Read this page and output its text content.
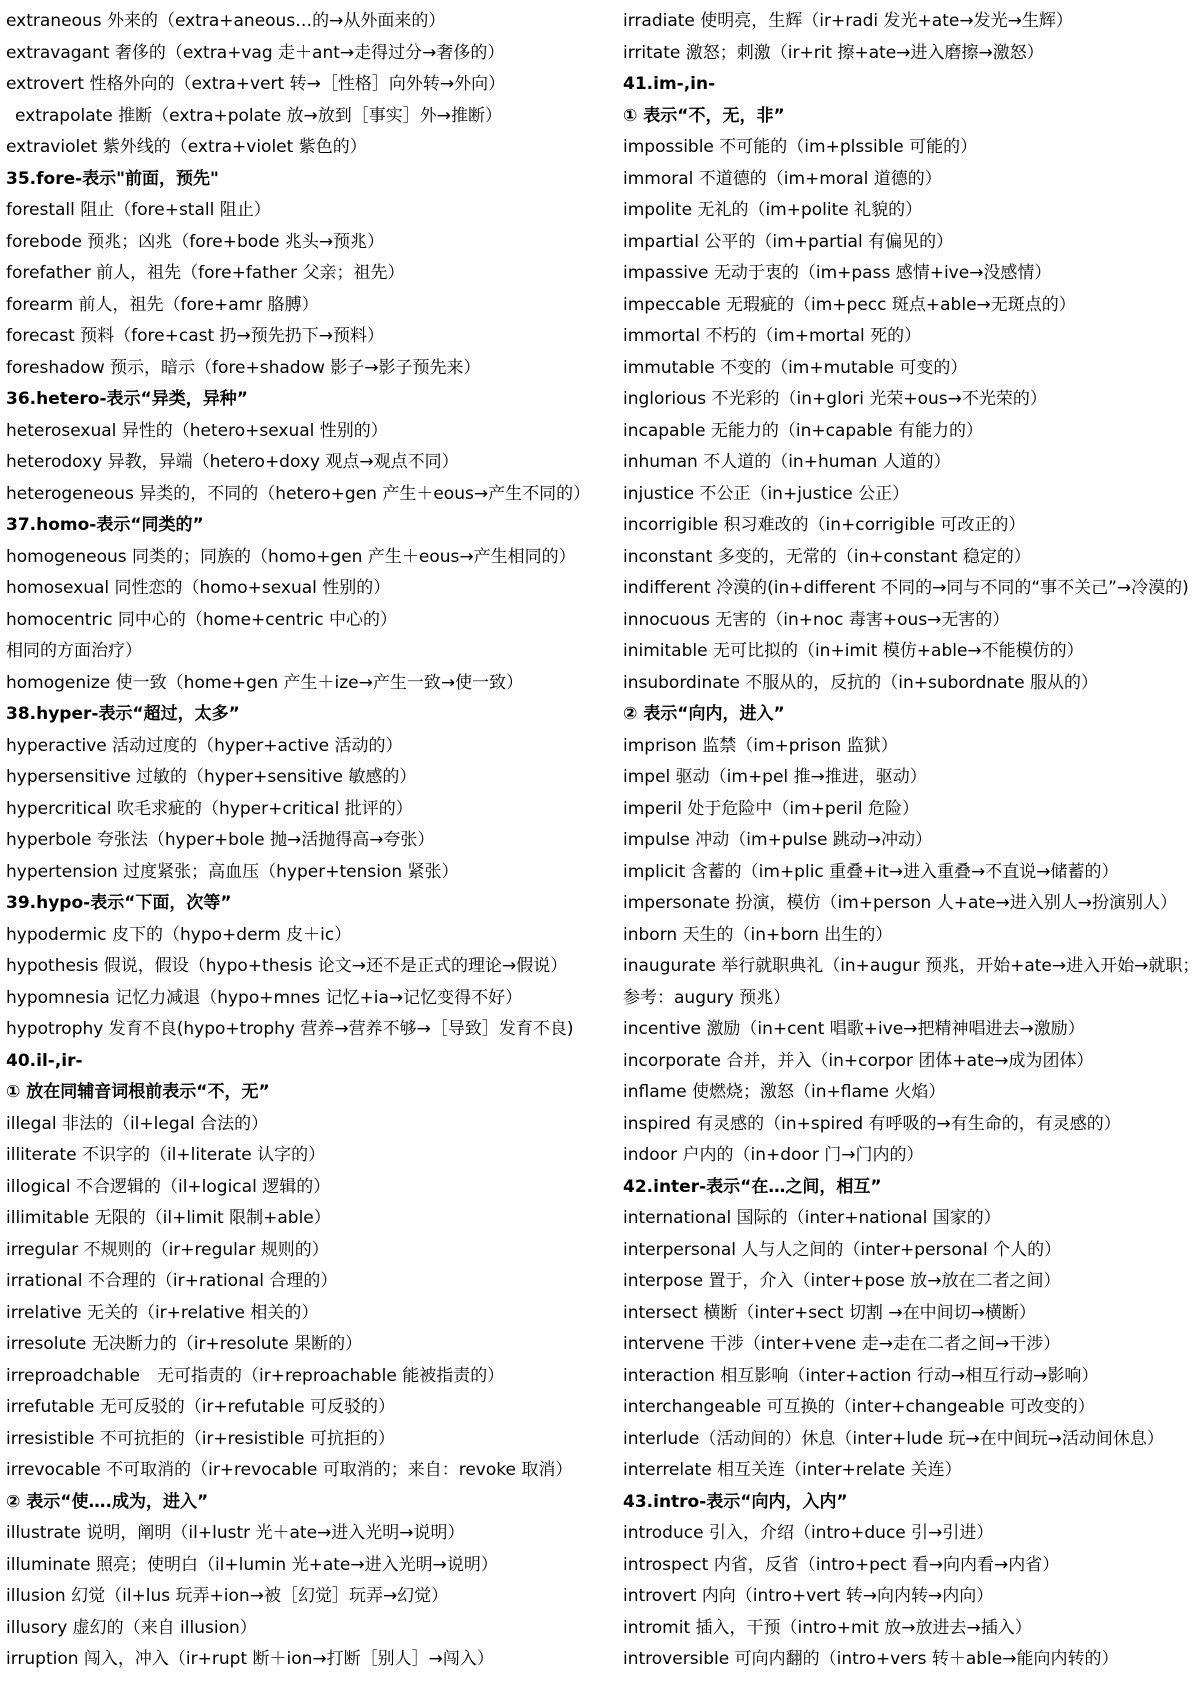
extraneous 外来的（extra+aneous…的→从外面来的）
extravagant 奢侈的（extra+vag 走＋ant→走得过分→奢侈的）
extrovert 性格外向的（extra+vert 转→［性格］向外转→外向）
extrapolate 推断（extra+polate 放→放到［事实］外→推断）
extraviolet 紫外线的（extra+violet 紫色的）
35.fore-表示"前面，预先"
forestall 阻止（fore+stall 阻止）
forebode 预兆；凶兆（fore+bode 兆头→预兆）
forefather 前人，祖先（fore+father 父亲；祖先）
forearm 前人，祖先（fore+amr 胳膊）
forecast 预料（fore+cast 扔→预先扔下→预料）
foreshadow 预示，暗示（fore+shadow 影子→影子预先来）
36.hetero-表示“异类，异种”
heterosexual 异性的（hetero+sexual 性别的）
heterodoxy 异教，异端（hetero+doxy 观点→观点不同）
heterogeneous 异类的，不同的（hetero+gen 产生＋eous→产生不同的）
37.homo-表示“同类的”
homogeneous 同类的；同族的（homo+gen 产生＋eous→产生相同的）
homosexual 同性恋的（homo+sexual 性别的）
homocentric 同中心的（home+centric 中心的）
相同的方面治疗）
homogenize 使一致（home+gen 产生＋ize→产生一致→使一致）
38.hyper-表示“超过，太多”
hyperactive 活动过度的（hyper+active 活动的）
hypersensitive 过敏的（hyper+sensitive 敏感的）
hypercritical 吹毛求疵的（hyper+critical 批评的）
hyperbole 夸张法（hyper+bole 抛→活抛得高→夸张）
hypertension 过度紧张；高血压（hyper+tension 紧张）
39.hypo-表示“下面，次等”
hypodermic 皮下的（hypo+derm 皮＋ic）
hypothesis 假说，假设（hypo+thesis 论文→还不是正式的理论→假说）
hypomnesia 记忆力减退（hypo+mnes 记忆+ia→记忆变得不好）
hypotrophy 发育不良(hypo+trophy 营养→营养不够→［导致］发育不良)
40.il-,ir-
① 放在同辅音词根前表示“不，无”
illegal 非法的（il+legal 合法的）
illiterate 不识字的（il+literate 认字的）
illogical 不合逻辑的（il+logical 逻辑的）
illimitable 无限的（il+limit 限制+able）
irregular 不规则的（ir+regular 规则的）
irrational 不合理的（ir+rational 合理的）
irrelative 无关的（ir+relative 相关的）
irresolute 无决断力的（ir+resolute 果断的）
irreproadchable　无可指责的（ir+reproachable 能被指责的）
irrefutable 无可反驳的（ir+refutable 可反驳的）
irresistible 不可抗拒的（ir+resistible 可抗拒的）
irrevocable 不可取消的（ir+revocable 可取消的；来自：revoke 取消）
② 表示“使….成为，进入”
illustrate 说明，阐明（il+lustr 光＋ate→进入光明→说明）
illuminate 照亮；使明白（il+lumin 光+ate→进入光明→说明）
illusion 幻觉（il+lus 玩弄+ion→被［幻觉］玩弄→幻觉）
illusory 虚幻的（来自 illusion）
irruption 闯入，冲入（ir+rupt 断＋ion→打断［别人］→闯入）
irradiate 使明亮，生辉（ir+radi 发光+ate→发光→生辉）
irritate 激怒；刺激（ir+rit 擦+ate→进入磨擦→激怒）
41.im-,in-
① 表示“不，无，非”
impossible 不可能的（im+plssible 可能的）
immoral 不道德的（im+moral 道德的）
impolite 无礼的（im+polite 礼貌的）
impartial 公平的（im+partial 有偏见的）
impassive 无动于衷的（im+pass 感情+ive→没感情）
impeccable 无瑕疵的（im+pecc 斑点+able→无斑点的）
immortal 不朽的（im+mortal 死的）
immutable 不变的（im+mutable 可变的）
inglorious 不光彩的（in+glori 光荣+ous→不光荣的）
incapable 无能力的（in+capable 有能力的）
inhuman 不人道的（in+human 人道的）
injustice 不公正（in+justice 公正）
incorrigible 积习难改的（in+corrigible 可改正的）
inconstant 多变的，无常的（in+constant 稳定的）
indifferent 冷漠的(in+different 不同的→同与不同的“事不关己”→冷漠的)
innocuous 无害的（in+noc 毒害+ous→无害的）
inimitable 无可比拟的（in+imit 模仿+able→不能模仿的）
insubordinate 不服从的，反抗的（in+subordnate 服从的）
② 表示“向内，进入”
imprison 监禁（im+prison 监狱）
impel 驱动（im+pel 推→推进，驱动）
imperil 处于危险中（im+peril 危险）
impulse 冲动（im+pulse 跳动→冲动）
implicit 含蓄的（im+plic 重叠+it→进入重叠→不直说→储蓄的）
impersonate 扮演，模仿（im+person 人+ate→进入别人→扮演别人）
inborn 天生的（in+born 出生的）
inaugurate 举行就职典礼（in+augur 预兆，开始+ate→进入开始→就职；
参考：augury 预兆）
incentive 激励（in+cent 唱歌+ive→把精神唱进去→激励）
incorporate 合并，并入（in+corpor 团体+ate→成为团体）
inflame 使燃烧；激怒（in+flame 火焰）
inspired 有灵感的（in+spired 有呼吸的→有生命的，有灵感的）
indoor 户内的（in+door 门→门内的）
42.inter-表示“在…之间，相互”
international 国际的（inter+national 国家的）
interpersonal 人与人之间的（inter+personal 个人的）
interpose 置于，介入（inter+pose 放→放在二者之间）
intersect 横断（inter+sect 切割 →在中间切→横断）
intervene 干涉（inter+vene 走→走在二者之间→干涉）
interaction 相互影响（inter+action 行动→相互行动→影响）
interchangeable 可互换的（inter+changeable 可改变的）
interlude（活动间的）休息（inter+lude 玩→在中间玩→活动间休息）
interrelate 相互关连（inter+relate 关连）
43.intro-表示“向内，入内”
introduce 引入，介绍（intro+duce 引→引进）
introspect 内省，反省（intro+pect 看→向内看→内省）
introvert 内向（intro+vert 转→向内转→内向）
intromit 插入，干预（intro+mit 放→放进去→插入）
introversible 可向内翻的（intro+vers 转＋able→能向内转的）
